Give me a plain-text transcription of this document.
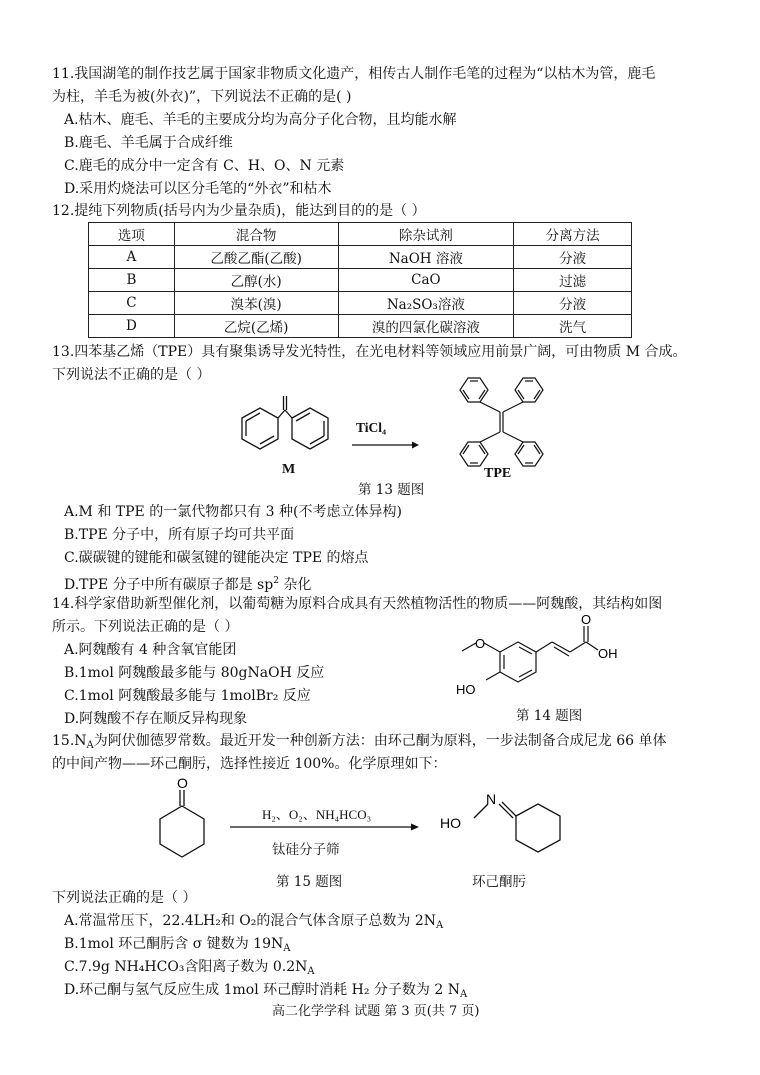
11.我国湖笔的制作技艺属于国家非物质文化遗产，相传古人制作毛笔的过程为“以枯木为管，鹿毛
为柱，羊毛为被(外衣)”，下列说法不正确的是( )
A.枯木、鹿毛、羊毛的主要成分均为高分子化合物，且均能水解
B.鹿毛、羊毛属于合成纤维
C.鹿毛的成分中一定含有 C、H、O、N 元素
D.采用灼烧法可以区分毛笔的“外衣”和枯木
12.提纯下列物质(括号内为少量杂质)，能达到目的的是（ ）
选项	混合物	除杂试剂	分离方法
A	乙酸乙酯(乙酸)	NaOH 溶液	分液
B	乙醇(水)	CaO	过滤
C	溴苯(溴)	Na₂SO₃溶液	分液
D	乙烷(乙烯)	溴的四氯化碳溶液	洗气
13.四苯基乙烯（TPE）具有聚集诱导发光特性，在光电材料等领域应用前景广阔，可由物质 M 合成。
下列说法不正确的是（ ）
M
TiCl₄
TPE
第 13 题图
A.M 和 TPE 的一氯代物都只有 3 种(不考虑立体异构)
B.TPE 分子中，所有原子均可共平面
C.碳碳键的键能和碳氢键的键能决定 TPE 的熔点
D.TPE 分子中所有碳原子都是 $sp^2$ 杂化
14.科学家借助新型催化剂，以葡萄糖为原料合成具有天然植物活性的物质——阿魏酸，其结构如图
所示。下列说法正确的是（ ）
A.阿魏酸有 4 种含氧官能团
B.1mol 阿魏酸最多能与 80gNaOH 反应
C.1mol 阿魏酸最多能与 1molBr₂ 反应
D.阿魏酸不存在顺反异构现象
O
O
OH
HO
第 14 题图
$15.N_A$为阿伏伽德罗常数。最近开发一种创新方法：由环己酮为原料，一步法制备合成尼龙 66 单体
的中间产物——环己酮肟，选择性接近 100%。化学原理如下：
O
H₂、O₂、NH₄HCO₃
钛硅分子筛
第 15 题图
N
HO
环己酮肟
下列说法正确的是（ ）
A.常温常压下，22.4LH₂和 O₂的混合气体含原子总数为 $2N_A$
B.1mol 环己酮肟含 σ 键数为 $19N_A$
C.7.9g NH₄HCO₃含阳离子数为 $0.2N_A$
D.环己酮与氢气反应生成 1mol 环己醇时消耗 H₂ 分子数为 2 $N_A$
高二化学学科 试题 第 3 页(共 7 页)
